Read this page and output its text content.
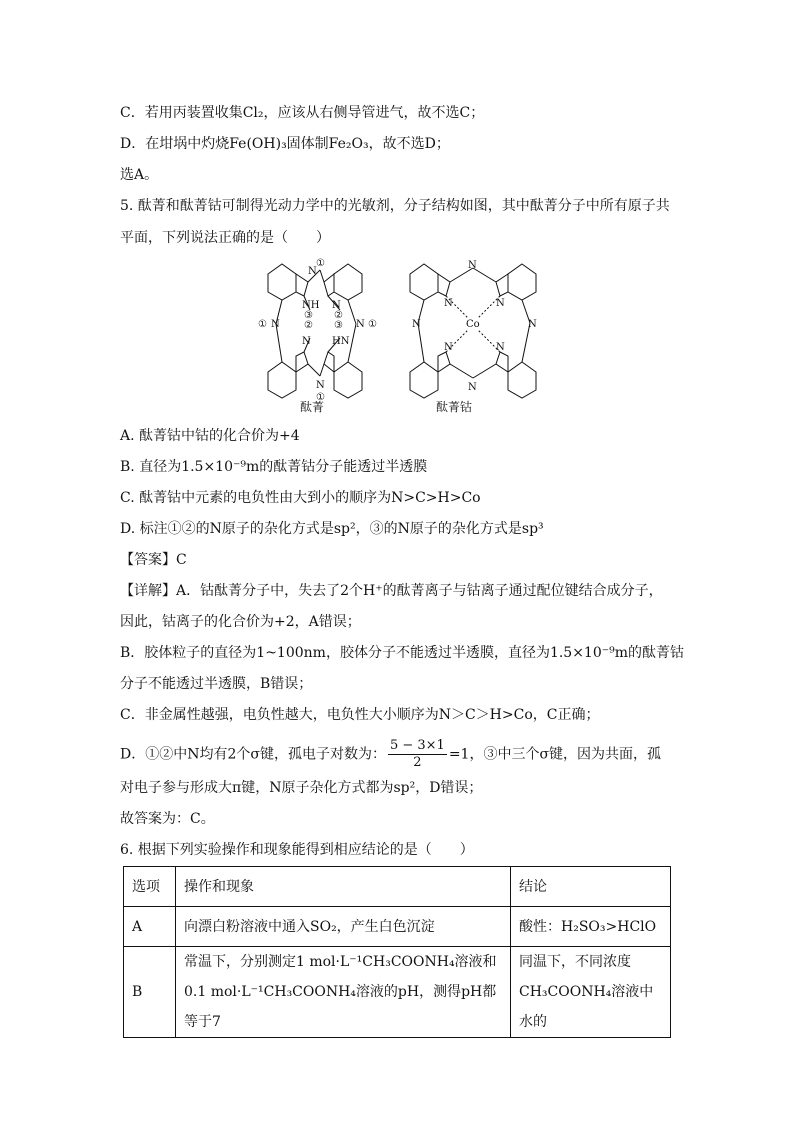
C．若用丙装置收集Cl₂，应该从右侧导管进气，故不选C；
D．在坩埚中灼烧Fe(OH)₃固体制Fe₂O₃，故不选D；
选A。
5. 酞菁和酞菁钴可制得光动力学中的光敏剂，分子结构如图，其中酞菁分子中所有原子共
平面，下列说法正确的是（　　）
N
①
NH
③
②
N
②
③
① N	N ①
N HN
N
①
N
N	N
N	N
Co
N	N
N
酞菁	酞菁钴
A. 酞菁钴中钴的化合价为+4
B. 直径为1.5×10⁻⁹m的酞菁钴分子能透过半透膜
C. 酞菁钴中元素的电负性由大到小的顺序为N>C>H>Co
D. 标注①②的N原子的杂化方式是sp²，③的N原子的杂化方式是sp³
【答案】C
【详解】A．钴酞菁分子中，失去了2个H⁺的酞菁离子与钴离子通过配位键结合成分子，
因此，钴离子的化合价为+2，A错误；
B．胶体粒子的直径为1~100nm，胶体分子不能透过半透膜，直径为1.5×10⁻⁹m的酞菁钴
分子不能透过半透膜，B错误；
C．非金属性越强，电负性越大，电负性大小顺序为N＞C＞H>Co，C正确；
D．①②中N均有2个σ键，孤电子对数为： $\frac{5 - 3\times 1}{2} =1$，③中三个σ键，因为共面，孤
对电子参与形成大π键，N原子杂化方式都为sp²，D错误；
故答案为：C。
6. 根据下列实验操作和现象能得到相应结论的是（　　）
选项	操作和现象	结论
A	向漂白粉溶液中通入SO₂，产生白色沉淀	酸性：H₂SO₃>HClO
B	常温下，分别测定1 mol·L⁻¹CH₃COONH₄溶液和0.1 mol·L⁻¹CH₃COONH₄溶液的pH，测得pH都等于7	同温下，不同浓度CH₃COONH₄溶液中水的
